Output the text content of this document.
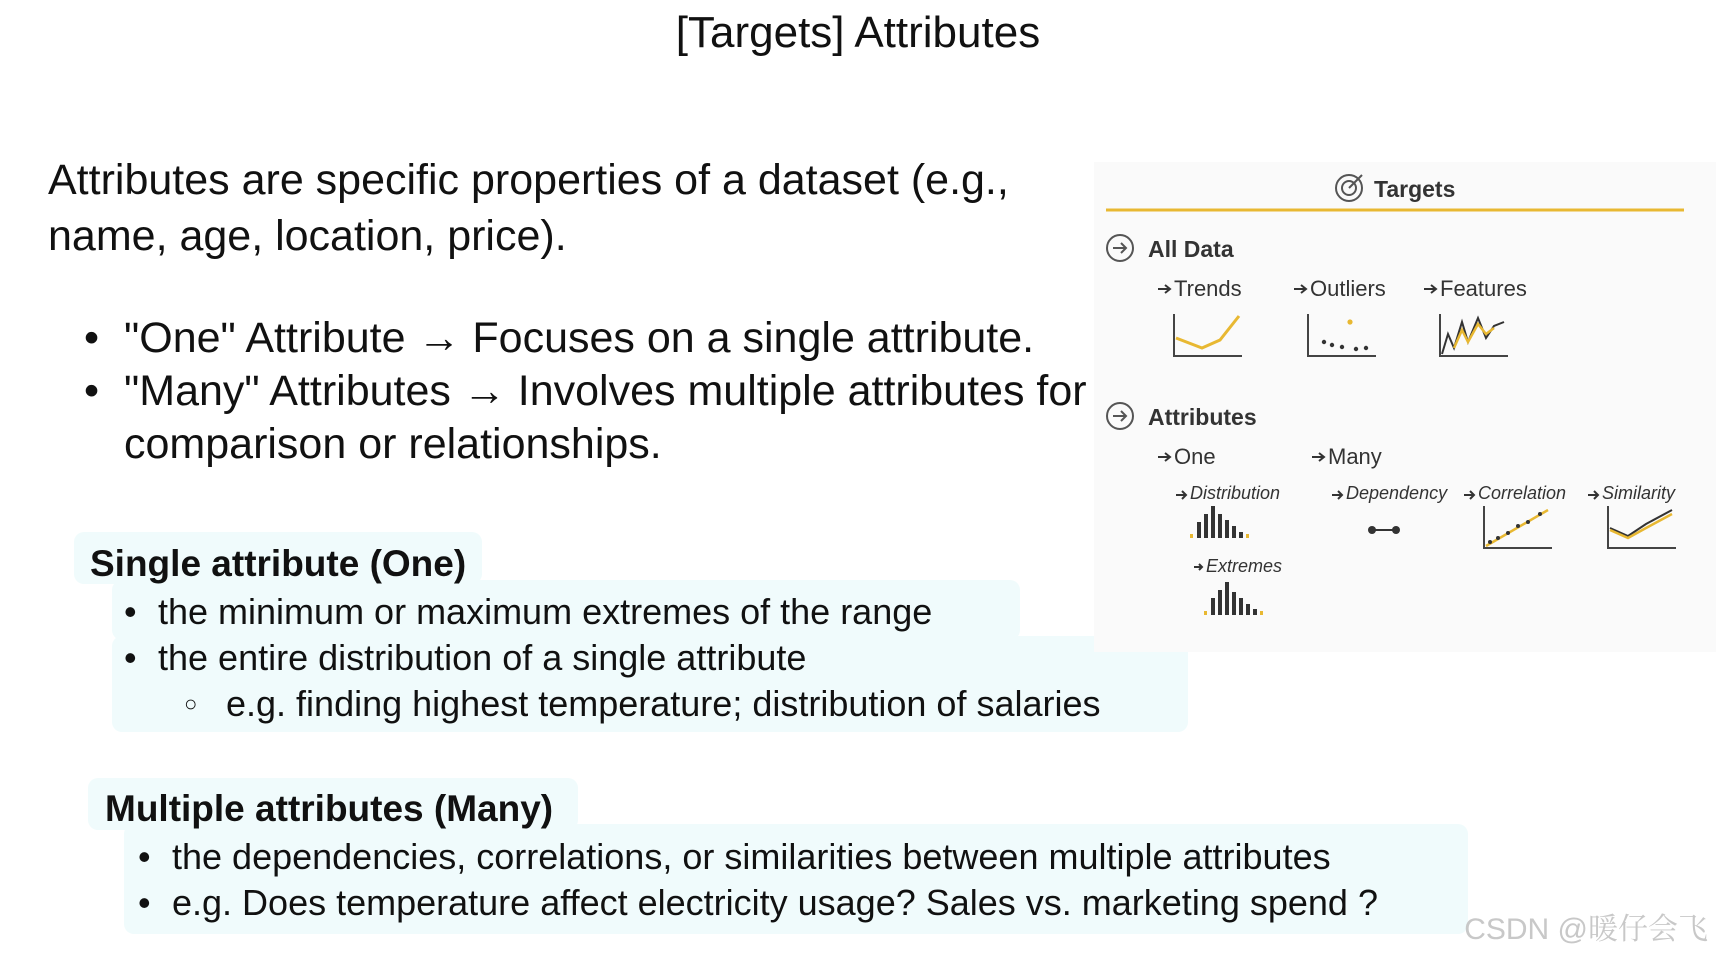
[Targets] Attributes
Attributes are specific properties of a dataset (e.g., name, age, location, price).
• "One" Attribute → Focuses on a single attribute.
• "Many" Attributes → Involves multiple attributes for comparison or relationships.
Single attribute (One)
• the minimum or maximum extremes of the range
• the entire distribution of a single attribute
○ e.g. finding highest temperature; distribution of salaries
Multiple attributes (Many)
• the dependencies, correlations, or similarities between multiple attributes
• e.g. Does temperature affect electricity usage? Sales vs. marketing spend ?
Targets
All Data
Trends	Outliers Features
Attributes
One	Many
Distribution
Extremes
Dependency Correlation Similarity
CSDN @暖仔会飞
